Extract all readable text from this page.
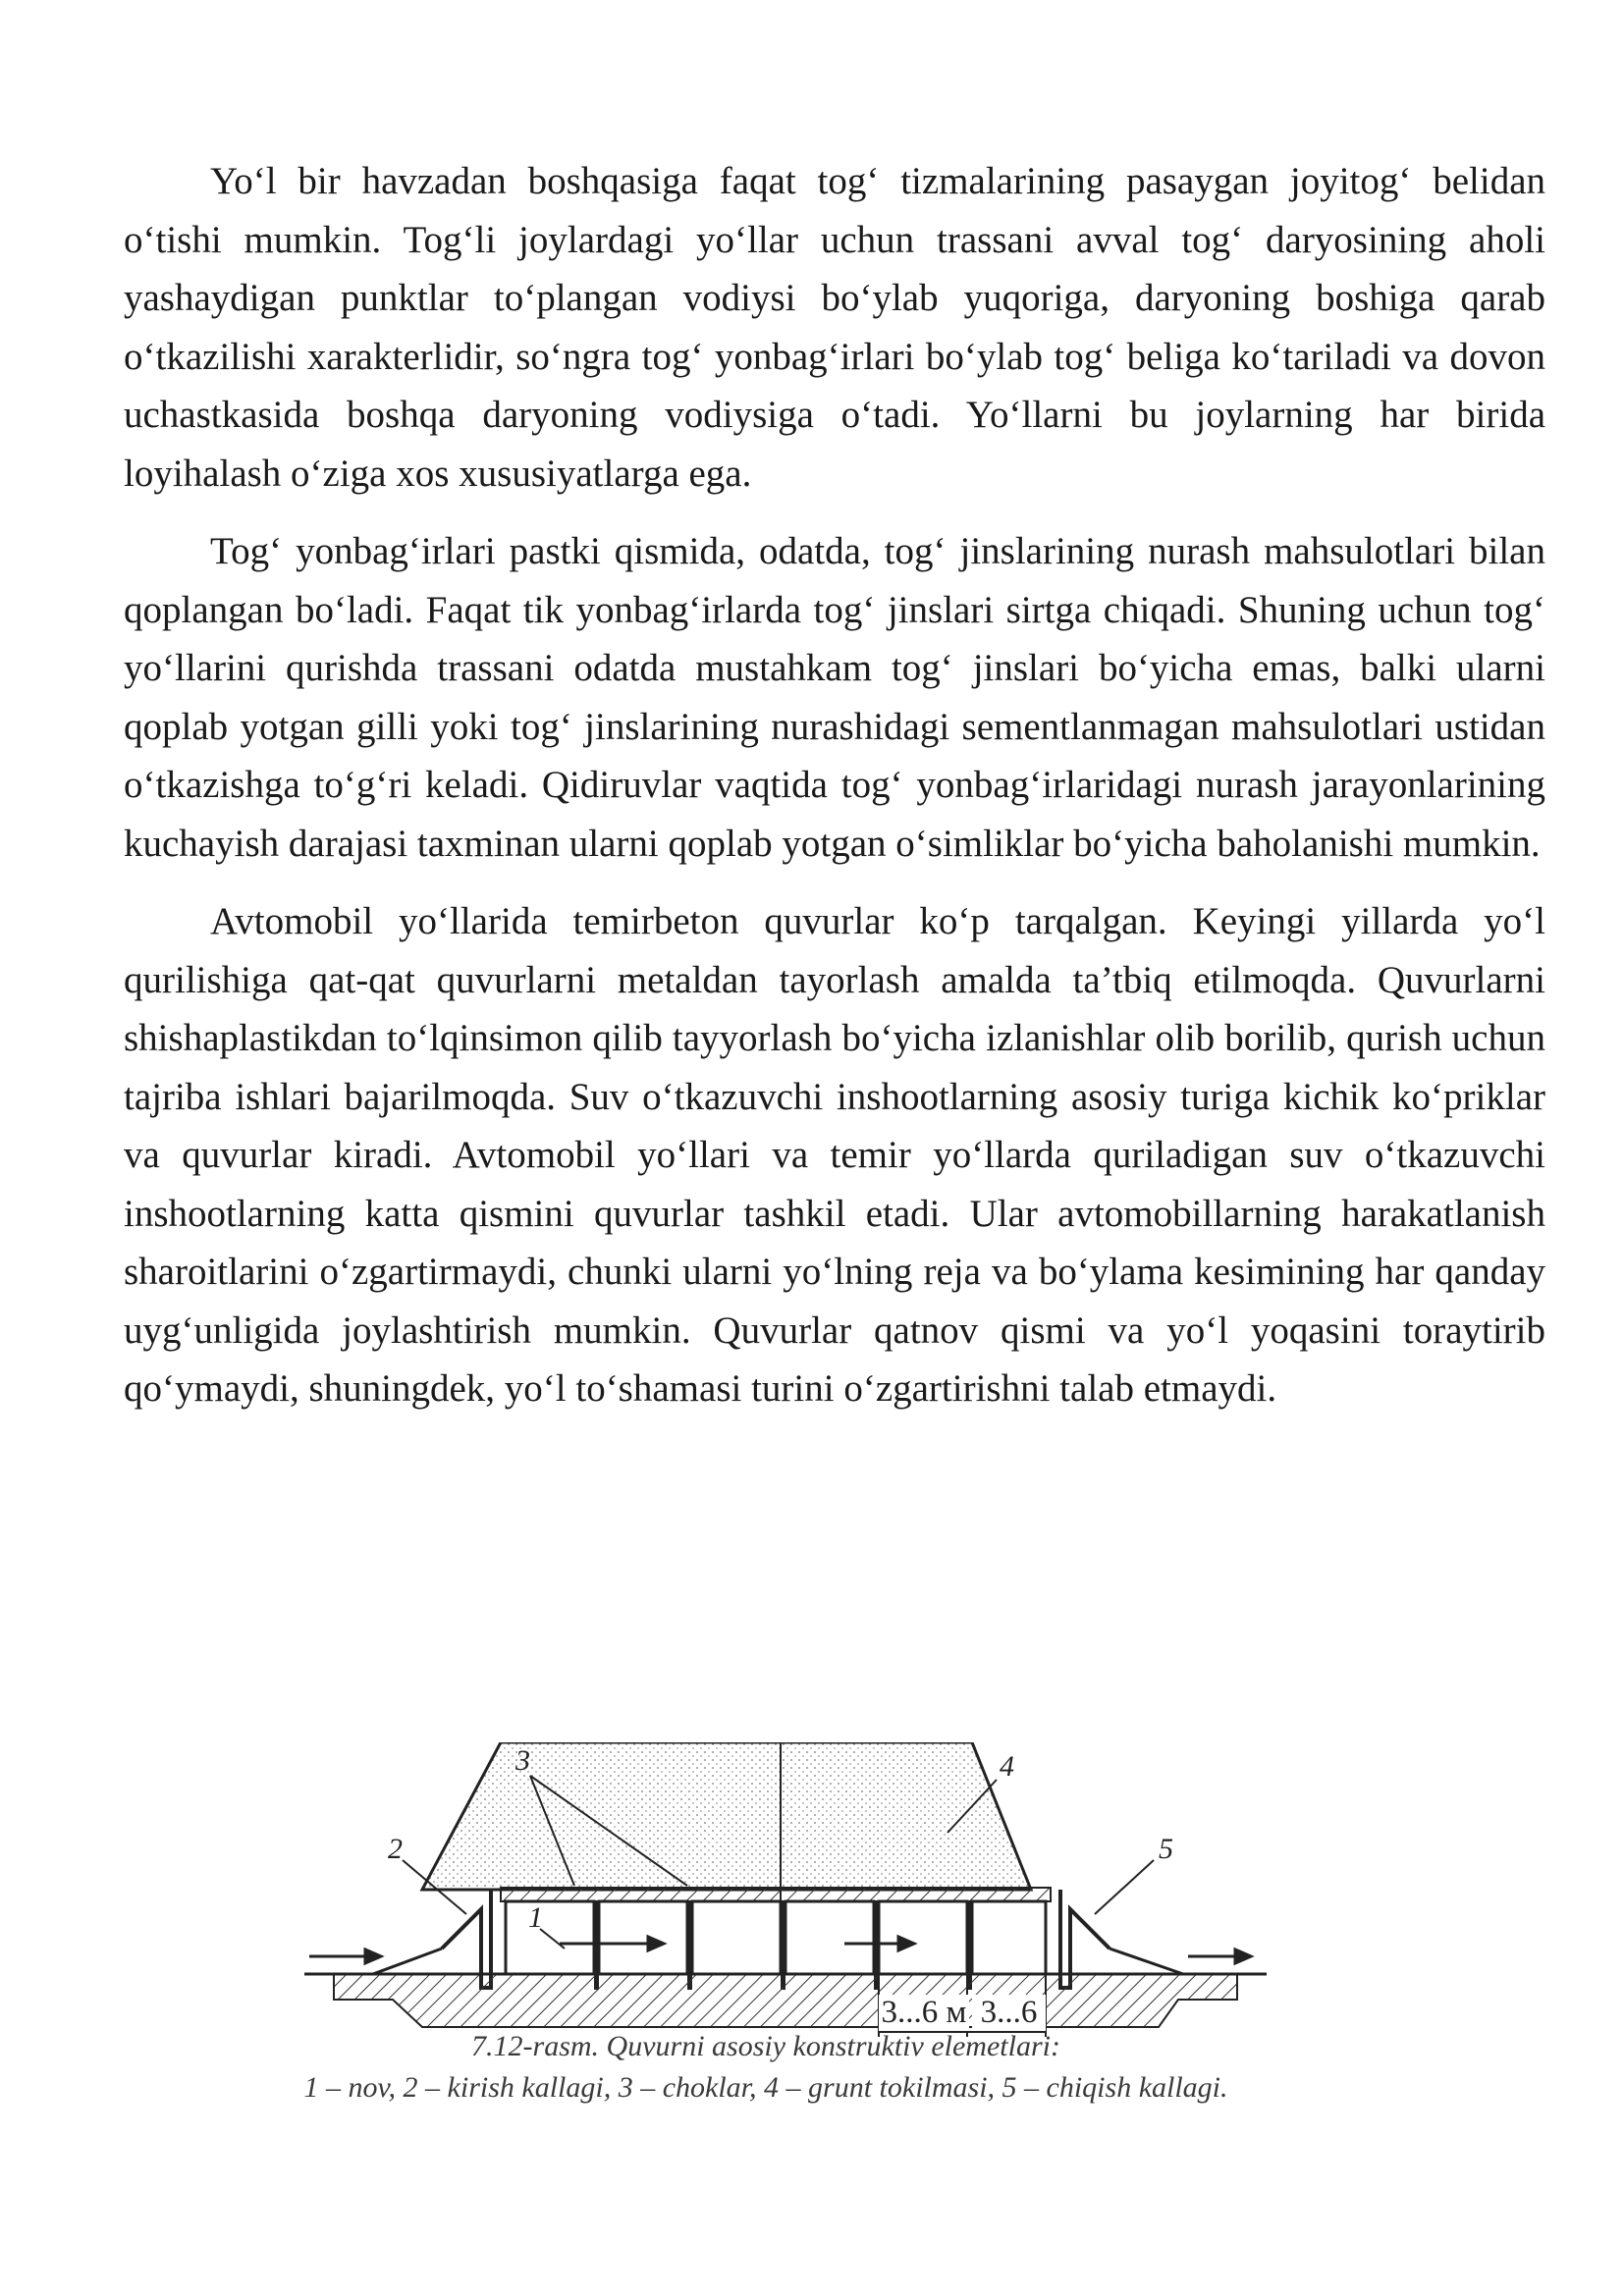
Yo‘l bir havzadan boshqasiga faqat tog‘ tizmalarining pasaygan joyitog‘ belidan o‘tishi mumkin. Tog‘li joylardagi yo‘llar uchun trassani avval tog‘ daryosining aholi yashaydigan punktlar to‘plangan vodiysi bo‘ylab yuqoriga, daryoning boshiga qarab o‘tkazilishi xarakterlidir, so‘ngra tog‘ yonbag‘irlari bo‘ylab tog‘ beliga ko‘tariladi va dovon uchastkasida boshqa daryoning vodiysiga o‘tadi. Yo‘llarni bu joylarning har birida loyihalash o‘ziga xos xususiyatlarga ega.

Tog‘ yonbag‘irlari pastki qismida, odatda, tog‘ jinslarining nurash mahsulotlari bilan qoplangan bo‘ladi. Faqat tik yonbag‘irlarda tog‘ jinslari sirtga chiqadi. Shuning uchun tog‘ yo‘llarini qurishda trassani odatda mustahkam tog‘ jinslari bo‘yicha emas, balki ularni qoplab yotgan gilli yoki tog‘ jinslarining nurashidagi sementlanmagan mahsulotlari ustidan o‘tkazishga to‘g‘ri keladi. Qidiruvlar vaqtida tog‘ yonbag‘irlaridagi nurash jarayonlarining kuchayish darajasi taxminan ularni qoplab yotgan o‘simliklar bo‘yicha baholanishi mumkin.

Avtomobil yo‘llarida temirbeton quvurlar ko‘p tarqalgan. Keyingi yillarda yo‘l qurilishiga qat-qat quvurlarni metaldan tayorlash amalda ta’tbiq etilmoqda. Quvurlarni shishaplastikdan to‘lqinsimon qilib tayyorlash bo‘yicha izlanishlar olib borilib, qurish uchun tajriba ishlari bajarilmoqda. Suv o‘tkazuvchi inshootlarning asosiy turiga kichik ko‘priklar va quvurlar kiradi. Avtomobil yo‘llari va temir yo‘llarda quriladigan suv o‘tkazuvchi inshootlarning katta qismini quvurlar tashkil etadi. Ular avtomobillarning harakatlanish sharoitlarini o‘zgartirmaydi, chunki ularni yo‘lning reja va bo‘ylama kesimining har qanday uyg‘unligida joylashtirish mumkin. Quvurlar qatnov qismi va yo‘l yoqasini toraytirib qo‘ymaydi, shuningdek, yo‘l to‘shamasi turini o‘zgartirishni talab etmaydi.

3	4
2	5
1
3...6 м 3...6
7.12-rasm. Quvurni asosiy konstruktiv elemetlari:
1 – nov, 2 – kirish kallagi, 3 – choklar, 4 – grunt tokilmasi, 5 – chiqish kallagi.
